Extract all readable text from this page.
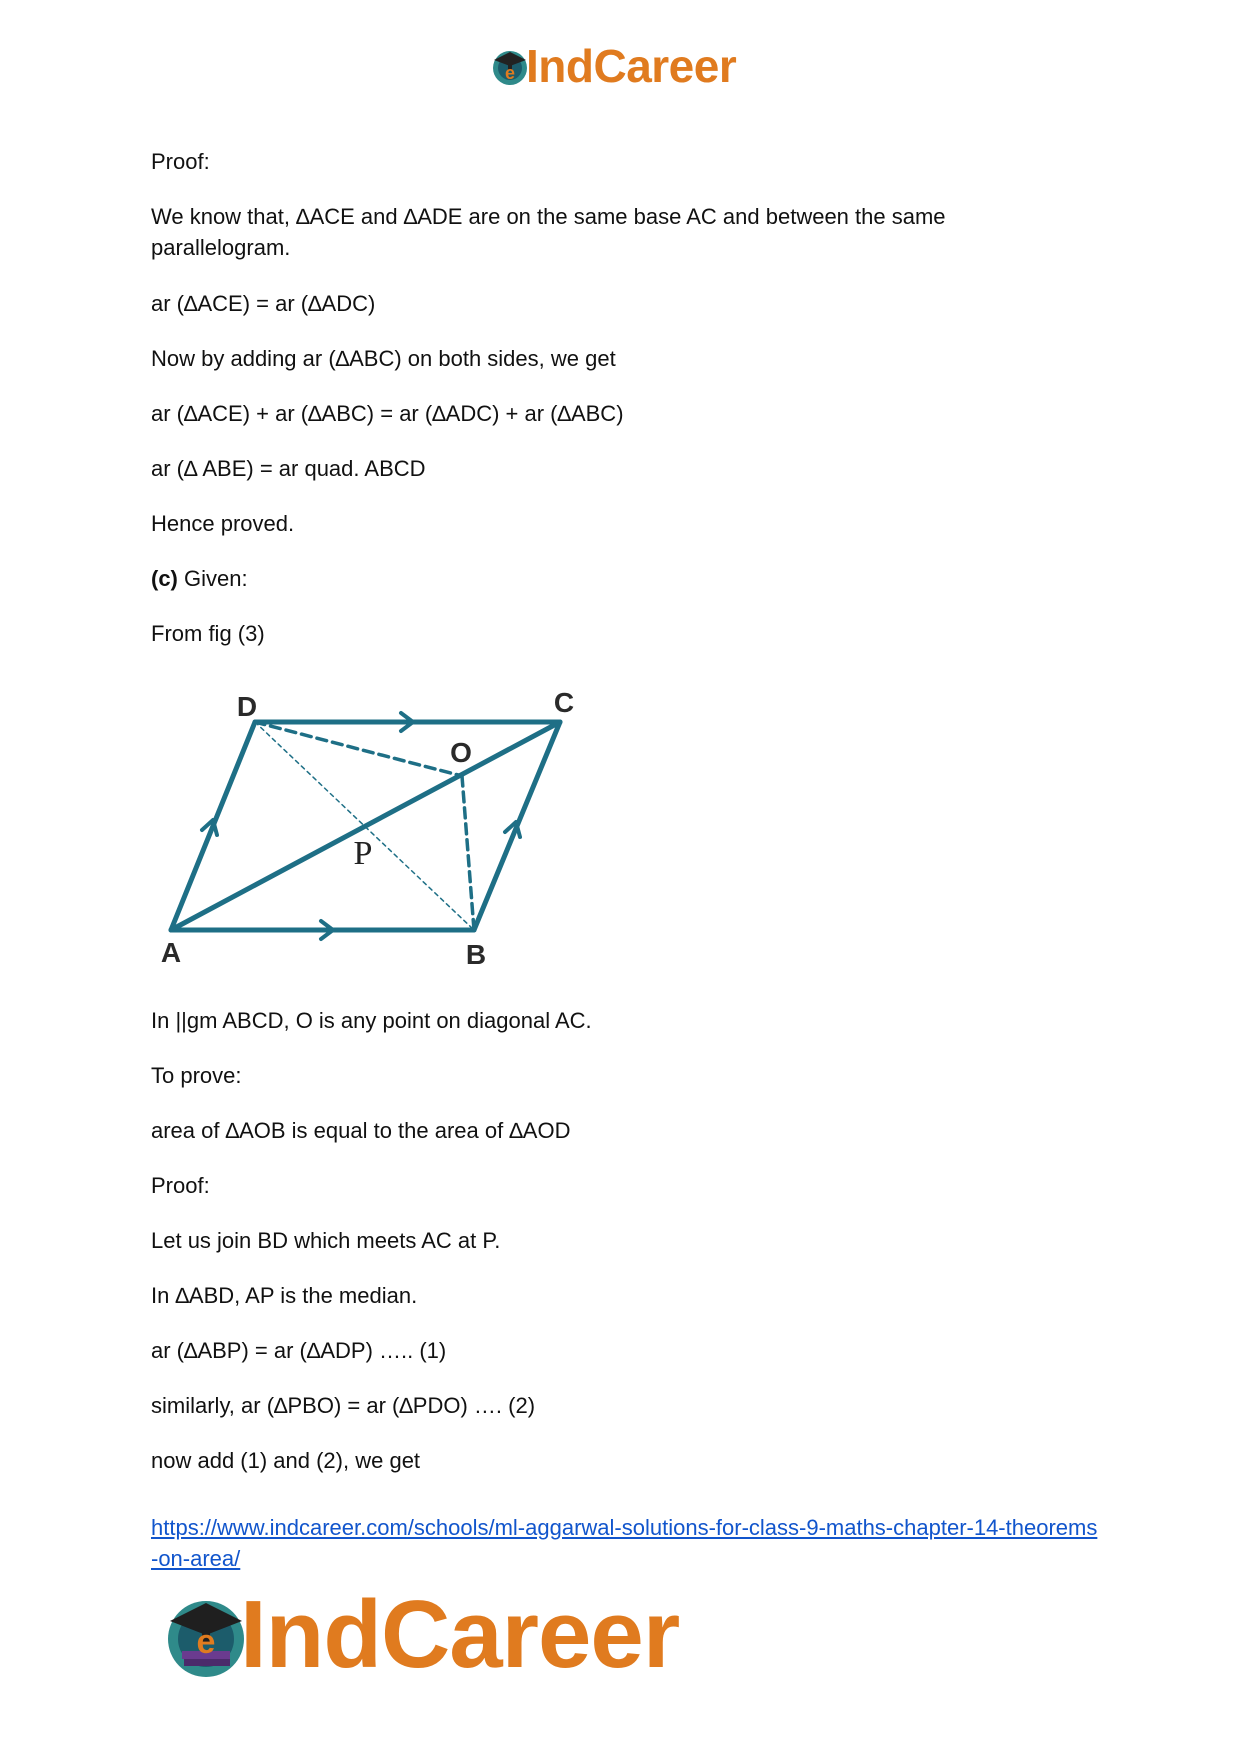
e IndCareer
Proof:
We know that, ∆ACE and ∆ADE are on the same base AC and between the same parallelogram.
ar (∆ACE) = ar (∆ADC)
Now by adding ar (∆ABC) on both sides, we get
ar (∆ACE) + ar (∆ABC) = ar (∆ADC) + ar (∆ABC)
ar (∆ ABE) = ar quad. ABCD
Hence proved.
(c) Given:
From fig (3)
In ||gm ABCD, O is any point on diagonal AC.
To prove:
area of ∆AOB is equal to the area of ∆AOD
Proof:
Let us join BD which meets AC at P.
In ∆ABD, AP is the median.
ar (∆ABP) = ar (∆ADP) ….. (1)
similarly, ar (∆PBO) = ar (∆PDO) …. (2)
now add (1) and (2), we get
D	C
O
A	B
P
https://www.indcareer.com/schools/ml-aggarwal-solutions-for-class-9-maths-chapter-14-theorems-on-area/
e IndCareer
